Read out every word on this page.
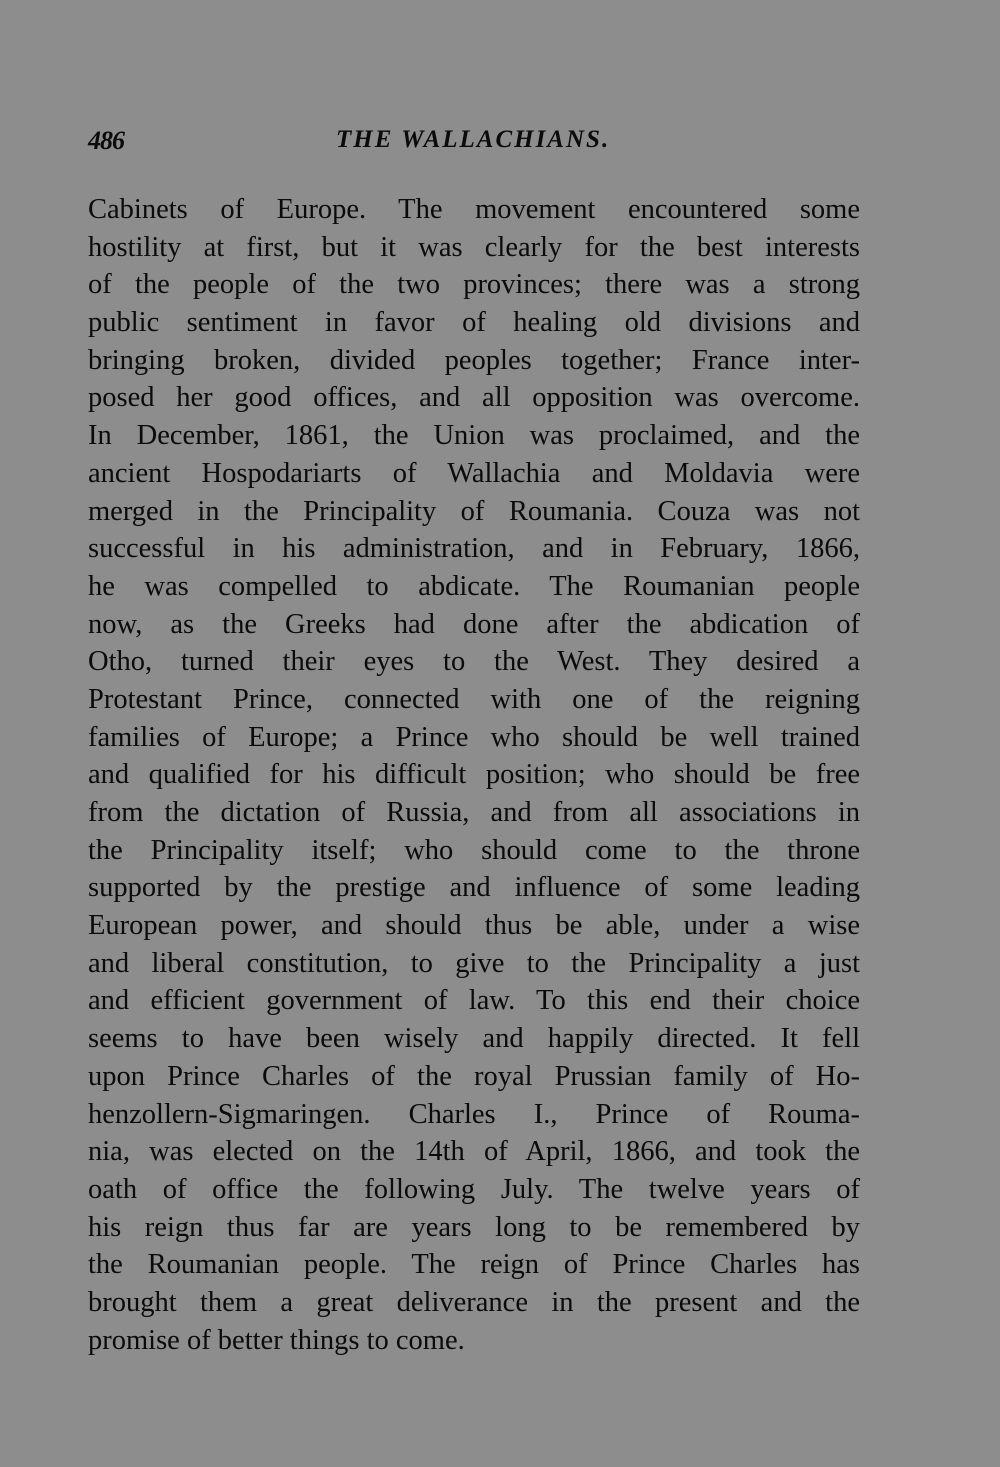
486	THE WALLACHIANS.
Cabinets of Europe. The movement encountered some
hostility at first, but it was clearly for the best interests
of the people of the two provinces; there was a strong
public sentiment in favor of healing old divisions and
bringing broken, divided peoples together; France inter-
posed her good offices, and all opposition was overcome.
In December, 1861, the Union was proclaimed, and the
ancient Hospodariarts of Wallachia and Moldavia were
merged in the Principality of Roumania. Couza was not
successful in his administration, and in February, 1866,
he was compelled to abdicate. The Roumanian people
now, as the Greeks had done after the abdication of
Otho, turned their eyes to the West. They desired a
Protestant Prince, connected with one of the reigning
families of Europe; a Prince who should be well trained
and qualified for his difficult position; who should be free
from the dictation of Russia, and from all associations in
the Principality itself; who should come to the throne
supported by the prestige and influence of some leading
European power, and should thus be able, under a wise
and liberal constitution, to give to the Principality a just
and efficient government of law. To this end their choice
seems to have been wisely and happily directed. It fell
upon Prince Charles of the royal Prussian family of Ho-
henzollern-Sigmaringen. Charles I., Prince of Rouma-
nia, was elected on the 14th of April, 1866, and took the
oath of office the following July. The twelve years of
his reign thus far are years long to be remembered by
the Roumanian people. The reign of Prince Charles has
brought them a great deliverance in the present and the
promise of better things to come.
